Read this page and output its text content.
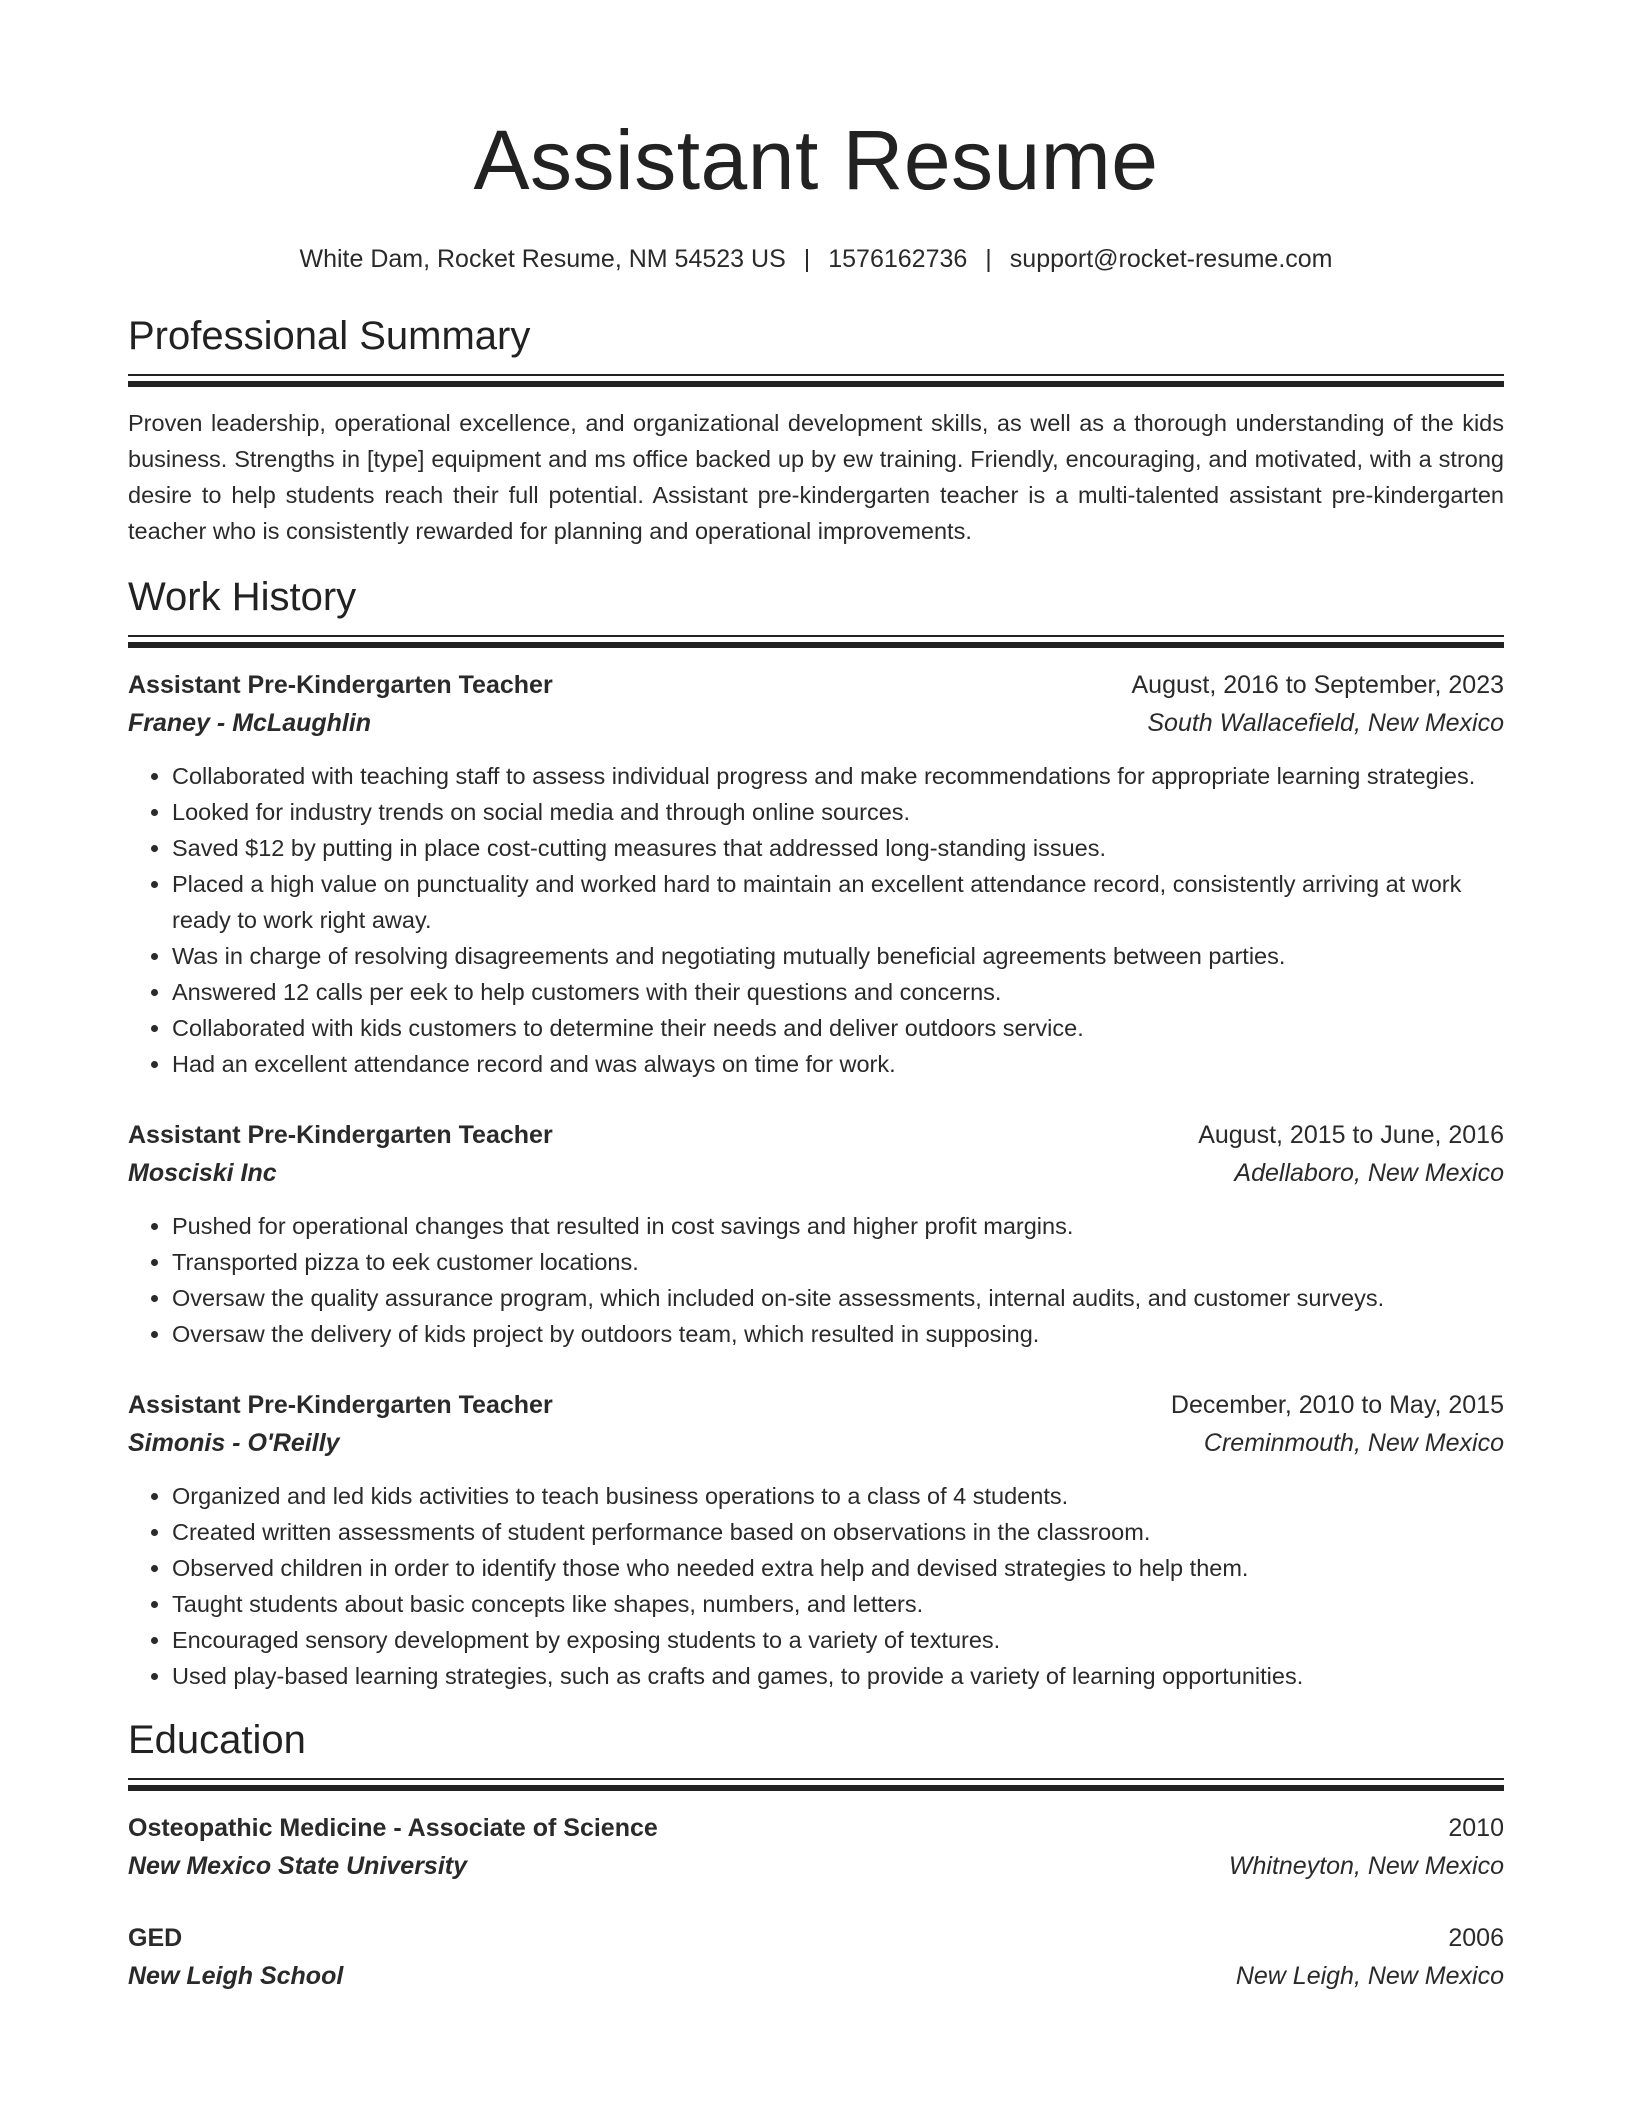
Assistant Resume
White Dam, Rocket Resume, NM 54523 US | 1576162736 | support@rocket-resume.com
Professional Summary

Proven leadership, operational excellence, and organizational development skills, as well as a thorough understanding of the kids business. Strengths in [type] equipment and ms office backed up by ew training. Friendly, encouraging, and motivated, with a strong desire to help students reach their full potential. Assistant pre-kindergarten teacher is a multi-talented assistant pre-kindergarten teacher who is consistently rewarded for planning and operational improvements.

Work History
Assistant Pre-Kindergarten Teacher	August, 2016 to September, 2023
Franey - McLaughlin	South Wallacefield, New Mexico
• Collaborated with teaching staff to assess individual progress and make recommendations for appropriate learning strategies.
• Looked for industry trends on social media and through online sources.
• Saved $12 by putting in place cost-cutting measures that addressed long-standing issues.
• Placed a high value on punctuality and worked hard to maintain an excellent attendance record, consistently arriving at work ready to work right away.
• Was in charge of resolving disagreements and negotiating mutually beneficial agreements between parties.
• Answered 12 calls per eek to help customers with their questions and concerns.
• Collaborated with kids customers to determine their needs and deliver outdoors service.
• Had an excellent attendance record and was always on time for work.
Assistant Pre-Kindergarten Teacher	August, 2015 to June, 2016
Mosciski Inc	Adellaboro, New Mexico
• Pushed for operational changes that resulted in cost savings and higher profit margins.
• Transported pizza to eek customer locations.
• Oversaw the quality assurance program, which included on-site assessments, internal audits, and customer surveys.
• Oversaw the delivery of kids project by outdoors team, which resulted in supposing.
Assistant Pre-Kindergarten Teacher	December, 2010 to May, 2015
Simonis - O'Reilly	Creminmouth, New Mexico
• Organized and led kids activities to teach business operations to a class of 4 students.
• Created written assessments of student performance based on observations in the classroom.
• Observed children in order to identify those who needed extra help and devised strategies to help them.
• Taught students about basic concepts like shapes, numbers, and letters.
• Encouraged sensory development by exposing students to a variety of textures.
• Used play-based learning strategies, such as crafts and games, to provide a variety of learning opportunities.
Education
Osteopathic Medicine - Associate of Science	2010
New Mexico State University	Whitneyton, New Mexico
GED	2006
New Leigh School	New Leigh, New Mexico
